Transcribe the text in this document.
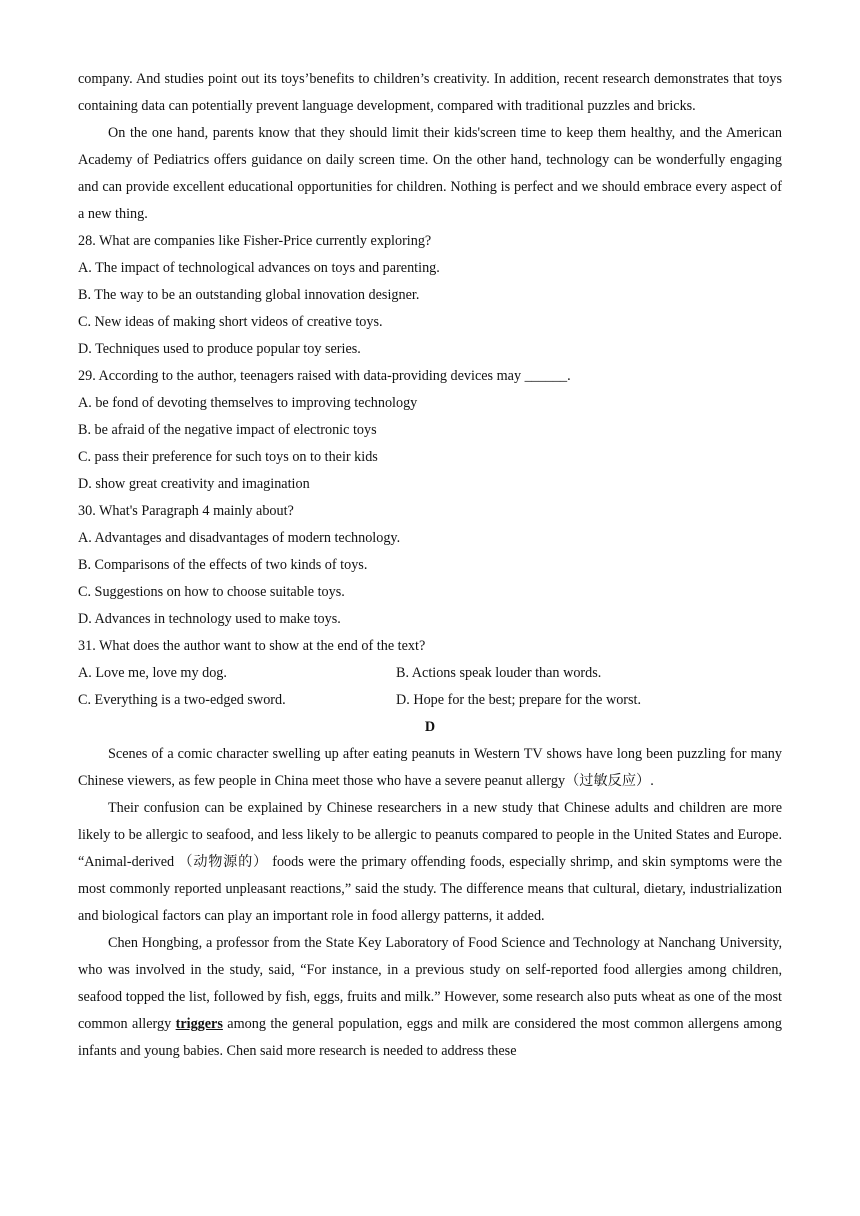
company. And studies point out its toys’benefits to children’s creativity. In addition, recent research demonstrates that toys containing data can potentially prevent language development, compared with traditional puzzles and bricks.

On the one hand, parents know that they should limit their kids'screen time to keep them healthy, and the American Academy of Pediatrics offers guidance on daily screen time. On the other hand, technology can be wonderfully engaging and can provide excellent educational opportunities for children. Nothing is perfect and we should embrace every aspect of a new thing.

28. What are companies like Fisher-Price currently exploring?
A. The impact of technological advances on toys and parenting.
B. The way to be an outstanding global innovation designer.
C. New ideas of making short videos of creative toys.
D. Techniques used to produce popular toy series.
29. According to the author, teenagers raised with data-providing devices may ______.
A. be fond of devoting themselves to improving technology
B. be afraid of the negative impact of electronic toys
C. pass their preference for such toys on to their kids
D. show great creativity and imagination
30. What's Paragraph 4 mainly about?
A. Advantages and disadvantages of modern technology.
B. Comparisons of the effects of two kinds of toys.
C. Suggestions on how to choose suitable toys.
D. Advances in technology used to make toys.
31. What does the author want to show at the end of the text?
A. Love me, love my dog.	B. Actions speak louder than words.
C. Everything is a two-edged sword.	D. Hope for the best; prepare for the worst.
D

Scenes of a comic character swelling up after eating peanuts in Western TV shows have long been puzzling for many Chinese viewers, as few people in China meet those who have a severe peanut allergy（过敏反应）.

Their confusion can be explained by Chinese researchers in a new study that Chinese adults and children are more likely to be allergic to seafood, and less likely to be allergic to peanuts compared to people in the United States and Europe. “Animal-derived （动物源的） foods were the primary offending foods, especially shrimp, and skin symptoms were the most commonly reported unpleasant reactions,” said the study. The difference means that cultural, dietary, industrialization and biological factors can play an important role in food allergy patterns, it added.

Chen Hongbing, a professor from the State Key Laboratory of Food Science and Technology at Nanchang University, who was involved in the study, said, “For instance, in a previous study on self-reported food allergies among children, seafood topped the list, followed by fish, eggs, fruits and milk.” However, some research also puts wheat as one of the most common allergy triggers among the general population, eggs and milk are considered the most common allergens among infants and young babies. Chen said more research is needed to address these
